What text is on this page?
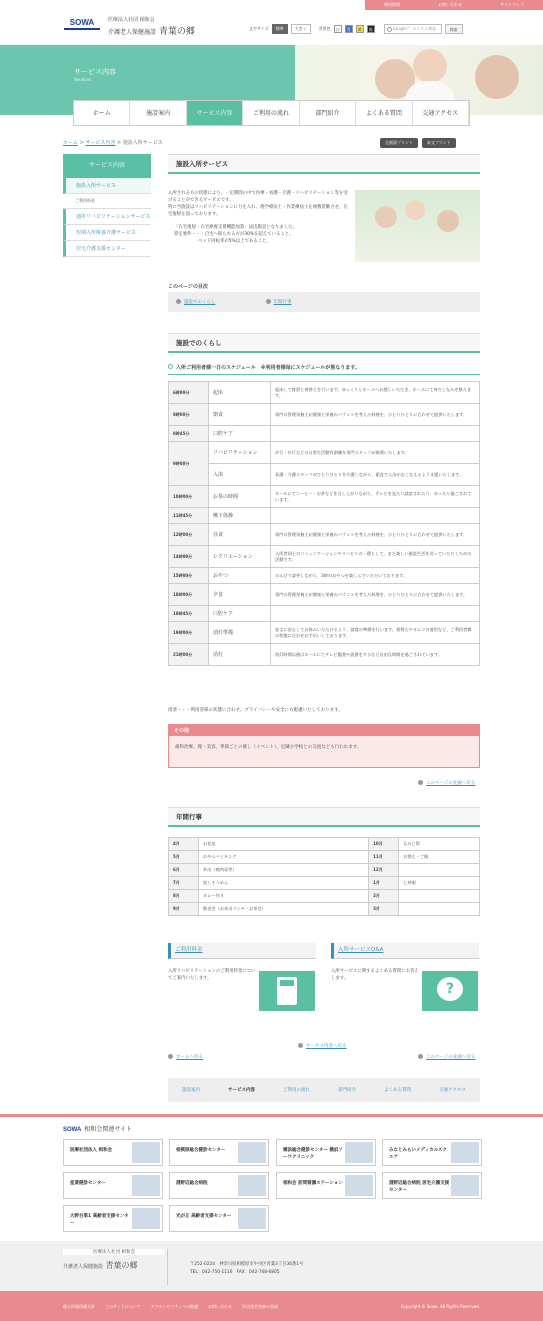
採用情報	お問い合わせ	サイトマップ
SOWA	医療法人社団 相和会
介護老人保健施設 青葉の郷	文字サイズ	標準	大きく	背景色	白	青	黄	黒	Google™ カスタム検索	検索
サービス内容
Services
ホーム	施設案内	サービス内容	ご利用の流れ	部門紹介	よくある質問	交通アクセス
ホーム > サービス内容 > 施設入所サービス	全画面プリント	本文プリント
サービス内容
施設入所サービス
ご利用料金
通所リハビリテーションサービス
短期入所療養介護サービス
居宅介護支援センター
施設入所サービス

入所される方の状態により、一定期間の中で医療・看護・介護・リハビリテーション等を受けることができるサービスです。

特に当施設はリハビリテーションに力を入れ、理学療法士・作業療法士を複数常勤させ、在宅復帰を図っております。

「在宅復帰・在宅療養支援機能加算」届出施設となりました。

算定要件・・・自宅へ帰られる方が30%を超えていること。

ベッド回転率が5%以上であること。

このページの目次
施設でのくらし	年間行事
施設でのくらし
入所ご利用者様一日のスケジュール　※利用者様毎にスケジュールが異なります。
6時00分	起床	起床して排泄と着替えを行います。ゆっくりとホールへお越しいただき、ホールにて身だしなみを整えます。
8時00分	朝食	専門の管理栄養士が健康と栄養のバランスを考えた料理を、ひとりひとりに合わせて提供いたします。
8時45分	口腔ケア	
9時00分	リハビリテーション	歩行・歩行などの日常生活動作訓練を専門スタッフが指導いたします。
	入浴	看護・介護スタッフがひとりひとりを介護しながら、素直で入浴がおこなえるよう支援いたします。
10時00分	お茶の時間	ホールにてコーヒー・お茶などを召し上がりながら、テレビを見たり談話されたり、ゆったり過ごされています。
11時45分	嚥下体操	
12時00分	昼食	専門の管理栄養士が健康と栄養のバランスを考えた料理を、ひとりひとりに合わせて提供いたします。
14時00分	レクリエーション	入所者同士のコミュニケーションやリハビリの一環として、また楽しい施設生活を送っていただくための活動です。
15時00分	おやつ	のんびり談笑しながら、3時のおやつを楽しんでいただいております。
18時00分	夕食	専門の管理栄養士が健康と栄養のバランスを考えた料理を、ひとりひとりに合わせて提供いたします。
18時45分	口腔ケア	
19時00分	消灯準備	安全に安心してお休みいただけるよう、就寝の準備を行います。着替えやオムツの着用など、ご利用者様の状態に合わせお手伝いしております。
21時00分	消灯	消灯時間以後はホールにてテレビ鑑賞や読書をするなど自由な時間を過ごされています。
排泄・・・利用者様の状態に合わせ、プライバシーや安全にも配慮いたしております。
その他
歯科治療、理・美容、季節ごとの催し（イベント）、近隣小学校との交流なども行われます。
このページの先頭へ戻る
年間行事
4月	お花見	10月	もみじ祭
5月	おやつバイキング	11月	衣替え・ご飯
6月	外出（焼肉昼等）	12月	
7月	流しそうめん	1月	七草粥
8月	カレー作り	2月	
9月	敬老会（お寿司ランチ・お茶会）	3月	
ご利用料金
入所リハビリテーションのご利用料金についてご案内いたします。
入所サービスQ&A
入所サービスに関するよくある質問にお答えします。
?
サービス内容へ戻る
ホームへ戻る	このページの先頭へ戻る
施設案内	サービス内容	ご利用の流れ	部門紹介	よくある質問	交通アクセス
SOWA 相和会関連サイト
医療社団法人 相和会	相模原総合健診センター	横浜総合健診センター 横浜ソーワクリニック
みなとみらいメディカルスクエア
産業健診センター	淵野辺総合病院	相和会 訪問看護ステーション	淵野辺総合病院 居宅介護支援センター
大野台第1 高齢者支援センター
光が丘 高齢者支援センター
医療法人社団 相和会
介護老人保健施設 青葉の郷	〒252-0224　神奈川県相模原市中央区青葉3丁目36番1号
TEL：042-750-1116　FAX：042-768-6805
個人情報保護方針	このサイトについて	アクセシビリティへの配慮	お問い合わせ	所定患者登録の登録	Copyright © Sowa. All Rights Reserved.
